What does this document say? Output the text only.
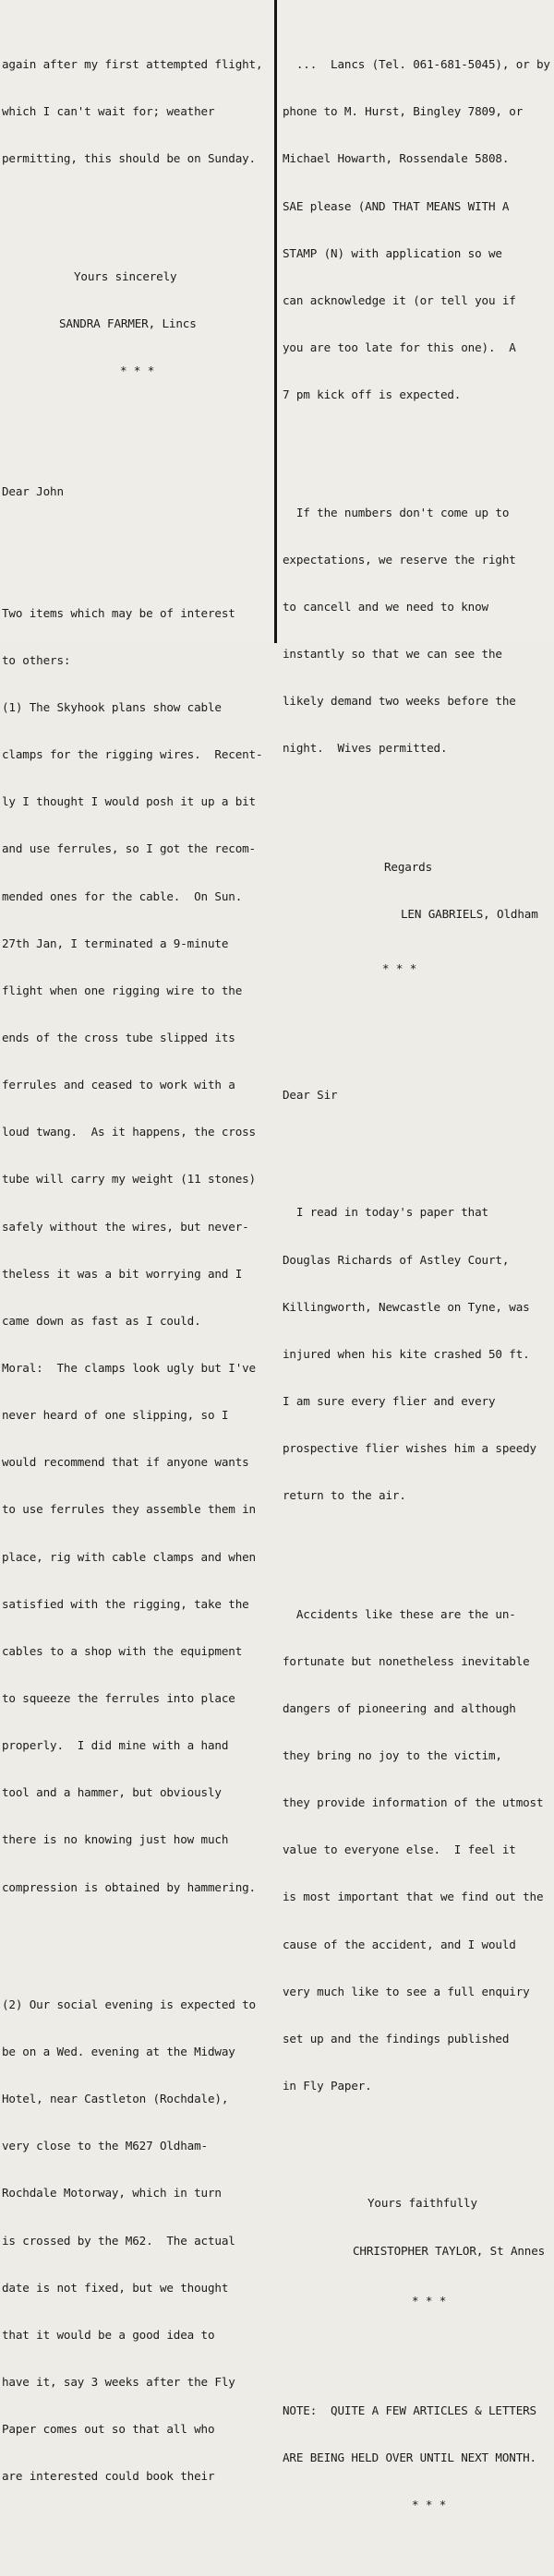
again after my first attempted flight,

which I can't wait for; weather

permitting, this should be on Sunday.

Yours sincerely

SANDRA FARMER, Lincs

* * *

Dear John

Two items which may be of interest

to others:

(1) The Skyhook plans show cable

clamps for the rigging wires.  Recent-

ly I thought I would posh it up a bit

and use ferrules, so I got the recom-

mended ones for the cable.  On Sun.

27th Jan, I terminated a 9-minute

flight when one rigging wire to the

ends of the cross tube slipped its

ferrules and ceased to work with a

loud twang.  As it happens, the cross

tube will carry my weight (11 stones)

safely without the wires, but never-

theless it was a bit worrying and I

came down as fast as I could.

Moral:  The clamps look ugly but I've

never heard of one slipping, so I

would recommend that if anyone wants

to use ferrules they assemble them in

place, rig with cable clamps and when

satisfied with the rigging, take the

cables to a shop with the equipment

to squeeze the ferrules into place

properly.  I did mine with a hand

tool and a hammer, but obviously

there is no knowing just how much

compression is obtained by hammering.

(2) Our social evening is expected to

be on a Wed. evening at the Midway

Hotel, near Castleton (Rochdale),

very close to the M627 Oldham-

Rochdale Motorway, which in turn

is crossed by the M62.  The actual

date is not fixed, but we thought

that it would be a good idea to

have it, say 3 weeks after the Fly

Paper comes out so that all who

are interested could book their

...  Lancs (Tel. 061-681-5045), or by

phone to M. Hurst, Bingley 7809, or

Michael Howarth, Rossendale 5808.

SAE please (AND THAT MEANS WITH A

STAMP (N) with application so we

can acknowledge it (or tell you if

you are too late for this one).  A

7 pm kick off is expected.

If the numbers don't come up to

expectations, we reserve the right

to cancell and we need to know

instantly so that we can see the

likely demand two weeks before the

night.  Wives permitted.

Regards

LEN GABRIELS, Oldham

* * *

Dear Sir

I read in today's paper that

Douglas Richards of Astley Court,

Killingworth, Newcastle on Tyne, was

injured when his kite crashed 50 ft.

I am sure every flier and every

prospective flier wishes him a speedy

return to the air.

Accidents like these are the un-

fortunate but nonetheless inevitable

dangers of pioneering and although

they bring no joy to the victim,

they provide information of the utmost

value to everyone else.  I feel it

is most important that we find out the

cause of the accident, and I would

very much like to see a full enquiry

set up and the findings published

in Fly Paper.

Yours faithfully

CHRISTOPHER TAYLOR, St Annes

* * *

NOTE:  QUITE A FEW ARTICLES & LETTERS

ARE BEING HELD OVER UNTIL NEXT MONTH.

* * *
